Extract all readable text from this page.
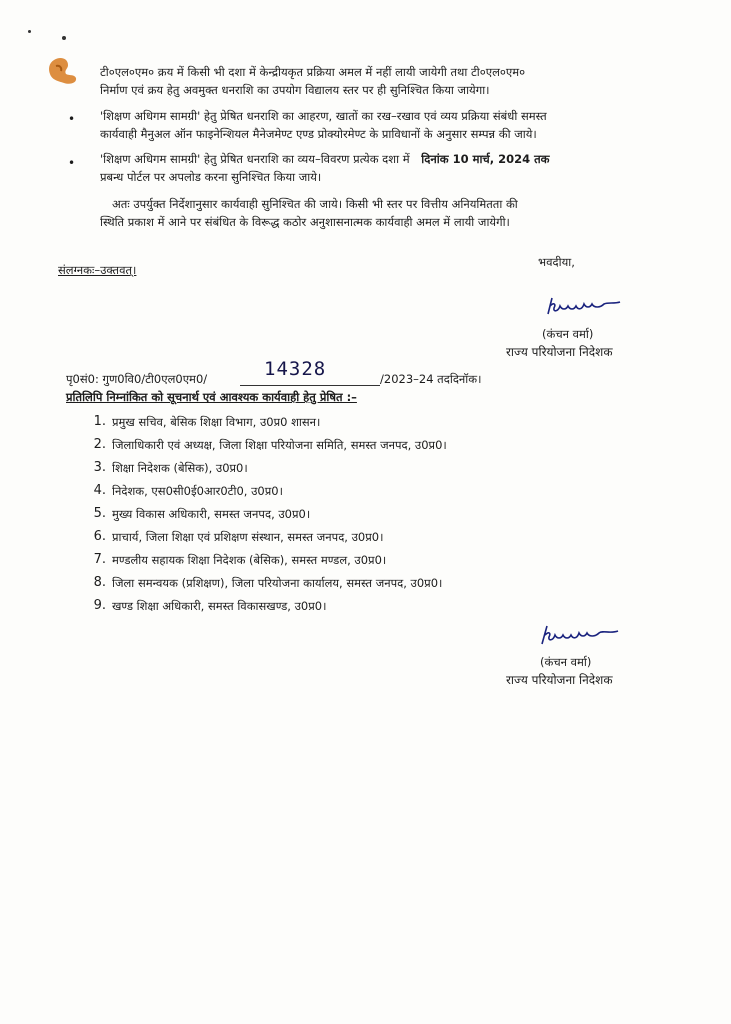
टी०एल०एम० क्रय में किसी भी दशा में केन्द्रीयकृत प्रक्रिया अमल में नहीं लायी जायेगी तथा टी०एल०एम०
निर्माण एवं क्रय हेतु अवमुक्त धनराशि का उपयोग विद्यालय स्तर पर ही सुनिश्चित किया जायेगा।
• 'शिक्षण अधिगम सामग्री' हेतु प्रेषित धनराशि का आहरण, खातों का रख–रखाव एवं व्यय प्रक्रिया संबंधी समस्त
कार्यवाही मैनुअल ऑन फाइनेन्शियल मैनेजमेण्ट एण्ड प्रोक्योरमेण्ट के प्राविधानों के अनुसार सम्पन्न की जाये।
• 'शिक्षण अधिगम सामग्री' हेतु प्रेषित धनराशि का व्यय–विवरण प्रत्येक दशा में दिनांक 10 मार्च, 2024 तक
प्रबन्ध पोर्टल पर अपलोड करना सुनिश्चित किया जाये।
अतः उपर्युक्त निर्देशानुसार कार्यवाही सुनिश्चित की जाये। किसी भी स्तर पर वित्तीय अनियमितता की
स्थिति प्रकाश में आने पर संबंधित के विरूद्ध कठोर अनुशासनात्मक कार्यवाही अमल में लायी जायेगी।
संलग्नकः–उक्तवत्।
भवदीया,
(कंचन वर्मा)
राज्य परियोजना निदेशक
पृ0सं0: गुण0वि0/टी0एल0एम0/	14328	/2023–24 तददिनॉक।
प्रतिलिपि निम्नांकित को सूचनार्थ एवं आवश्यक कार्यवाही हेतु प्रेषित :–
1. प्रमुख सचिव, बेसिक शिक्षा विभाग, उ0प्र0 शासन।
2. जिलाधिकारी एवं अध्यक्ष, जिला शिक्षा परियोजना समिति, समस्त जनपद, उ0प्र0।
3. शिक्षा निदेशक (बेसिक), उ0प्र0।
4. निदेशक, एस0सी0ई0आर0टी0, उ0प्र0।
5. मुख्य विकास अधिकारी, समस्त जनपद, उ0प्र0।
6. प्राचार्य, जिला शिक्षा एवं प्रशिक्षण संस्थान, समस्त जनपद, उ0प्र0।
7. मण्डलीय सहायक शिक्षा निदेशक (बेसिक), समस्त मण्डल, उ0प्र0।
8. जिला समन्वयक (प्रशिक्षण), जिला परियोजना कार्यालय, समस्त जनपद, उ0प्र0।
9. खण्ड शिक्षा अधिकारी, समस्त विकासखण्ड, उ0प्र0।
(कंचन वर्मा)
राज्य परियोजना निदेशक
